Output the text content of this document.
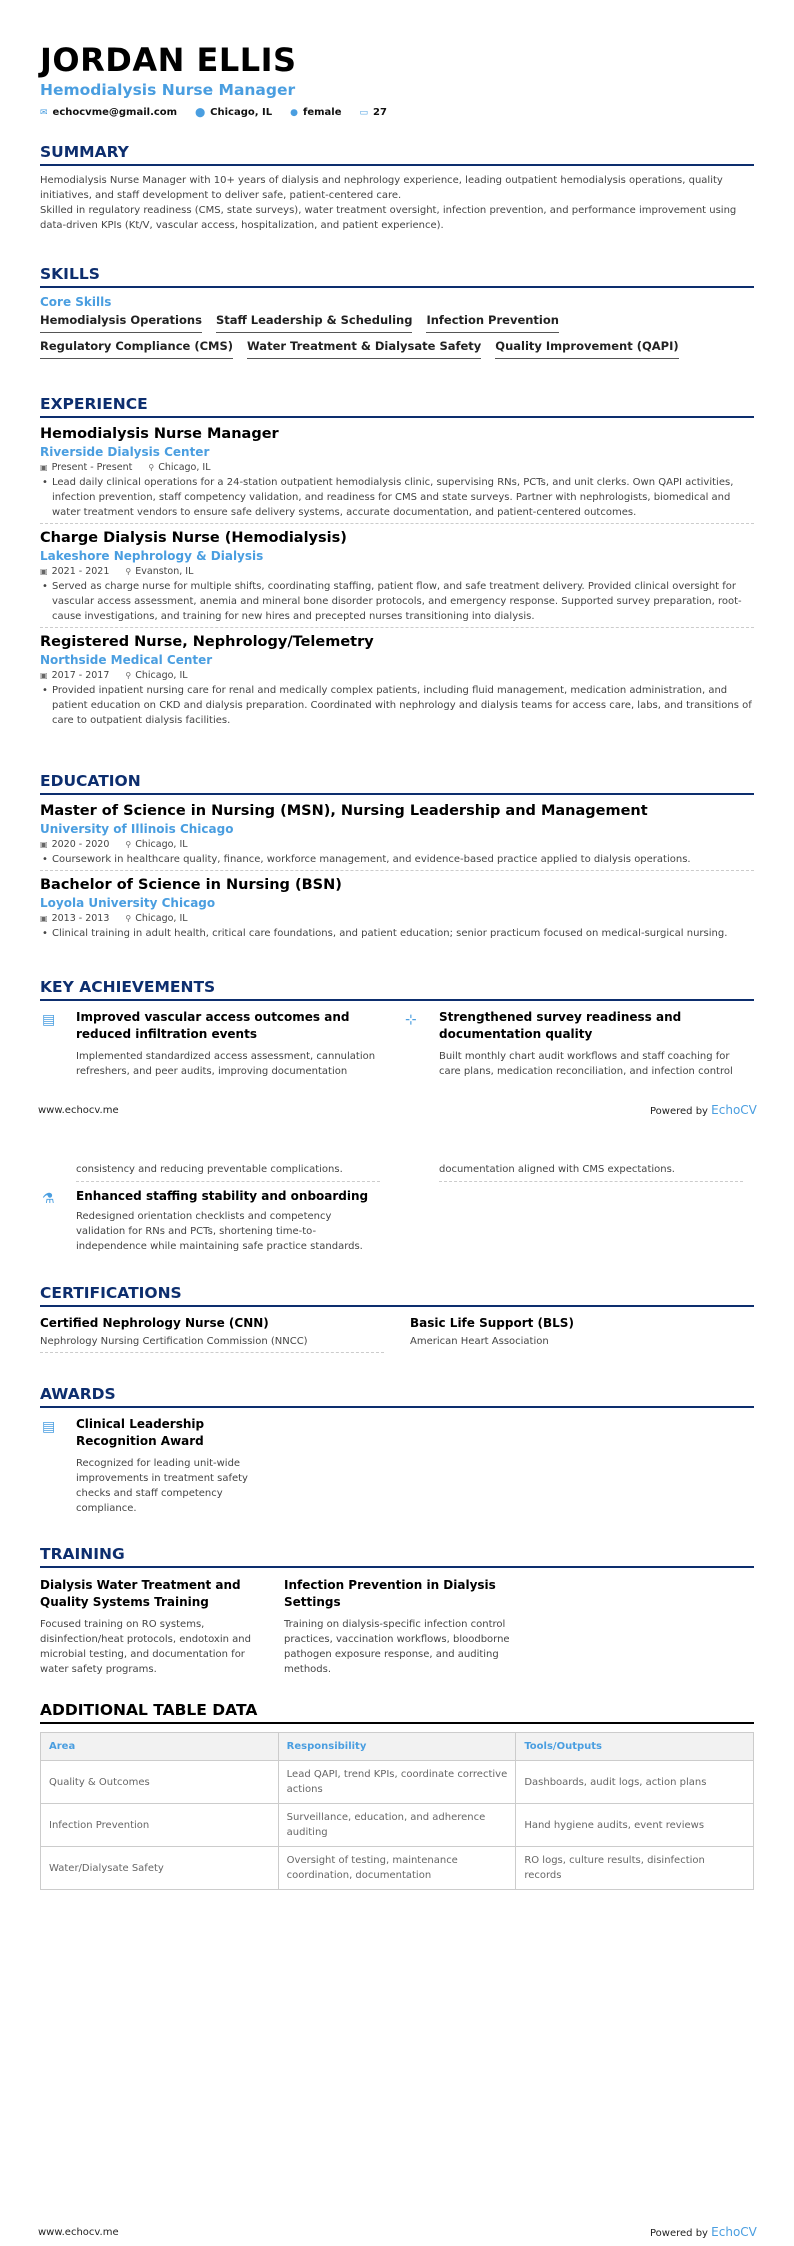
JORDAN ELLIS
Hemodialysis Nurse Manager
✉ echocvme@gmail.com ⬤ Chicago, IL ● female ▭ 27
SUMMARY
Hemodialysis Nurse Manager with 10+ years of dialysis and nephrology experience, leading outpatient hemodialysis operations, quality initiatives, and staff development to deliver safe, patient-centered care.
Skilled in regulatory readiness (CMS, state surveys), water treatment oversight, infection prevention, and performance improvement using data-driven KPIs (Kt/V, vascular access, hospitalization, and patient experience).
SKILLS
Core Skills
Hemodialysis Operations Staff Leadership & Scheduling Infection Prevention
Regulatory Compliance (CMS) Water Treatment & Dialysate Safety Quality Improvement (QAPI)
EXPERIENCE
Hemodialysis Nurse Manager
Riverside Dialysis Center
▣ Present - Present ⚲ Chicago, IL
• Lead daily clinical operations for a 24-station outpatient hemodialysis clinic, supervising RNs, PCTs, and unit clerks. Own QAPI activities, infection prevention, staff competency validation, and readiness for CMS and state surveys. Partner with nephrologists, biomedical and water treatment vendors to ensure safe delivery systems, accurate documentation, and patient-centered outcomes.
Charge Dialysis Nurse (Hemodialysis)
Lakeshore Nephrology & Dialysis
▣ 2021 - 2021 ⚲ Evanston, IL
• Served as charge nurse for multiple shifts, coordinating staffing, patient flow, and safe treatment delivery. Provided clinical oversight for vascular access assessment, anemia and mineral bone disorder protocols, and emergency response. Supported survey preparation, root-cause investigations, and training for new hires and precepted nurses transitioning into dialysis.
Registered Nurse, Nephrology/Telemetry
Northside Medical Center
▣ 2017 - 2017 ⚲ Chicago, IL
• Provided inpatient nursing care for renal and medically complex patients, including fluid management, medication administration, and patient education on CKD and dialysis preparation. Coordinated with nephrology and dialysis teams for access care, labs, and transitions of care to outpatient dialysis facilities.
EDUCATION
Master of Science in Nursing (MSN), Nursing Leadership and Management
University of Illinois Chicago
▣ 2020 - 2020 ⚲ Chicago, IL
• Coursework in healthcare quality, finance, workforce management, and evidence-based practice applied to dialysis operations.
Bachelor of Science in Nursing (BSN)
Loyola University Chicago
▣ 2013 - 2013 ⚲ Chicago, IL
• Clinical training in adult health, critical care foundations, and patient education; senior practicum focused on medical-surgical nursing.
KEY ACHIEVEMENTS
▤ Improved vascular access outcomes and reduced infiltration events
Implemented standardized access assessment, cannulation refreshers, and peer audits, improving documentation
⊹	Strengthened survey readiness and documentation quality
Built monthly chart audit workflows and staff coaching for care plans, medication reconciliation, and infection control
www.echocv.me	Powered by EchoCV
consistency and reducing preventable complications.	documentation aligned with CMS expectations.
⚗ Enhanced staffing stability and onboarding
Redesigned orientation checklists and competency validation for RNs and PCTs, shortening time-to-independence while maintaining safe practice standards.
CERTIFICATIONS
Certified Nephrology Nurse (CNN)
Nephrology Nursing Certification Commission (NNCC)
Basic Life Support (BLS)
American Heart Association
AWARDS
▤ Clinical Leadership Recognition Award
Recognized for leading unit-wide improvements in treatment safety checks and staff competency compliance.
TRAINING
Dialysis Water Treatment and Quality Systems Training
Focused training on RO systems, disinfection/heat protocols, endotoxin and microbial testing, and documentation for water safety programs.
Infection Prevention in Dialysis Settings
Training on dialysis-specific infection control practices, vaccination workflows, bloodborne pathogen exposure response, and auditing methods.
ADDITIONAL TABLE DATA
Area	Responsibility	Tools/Outputs
Quality & Outcomes	Lead QAPI, trend KPIs, coordinate corrective actions	Dashboards, audit logs, action plans
Infection Prevention	Surveillance, education, and adherence auditing	Hand hygiene audits, event reviews
Water/Dialysate Safety	Oversight of testing, maintenance coordination, documentation	RO logs, culture results, disinfection records
www.echocv.me	Powered by EchoCV
